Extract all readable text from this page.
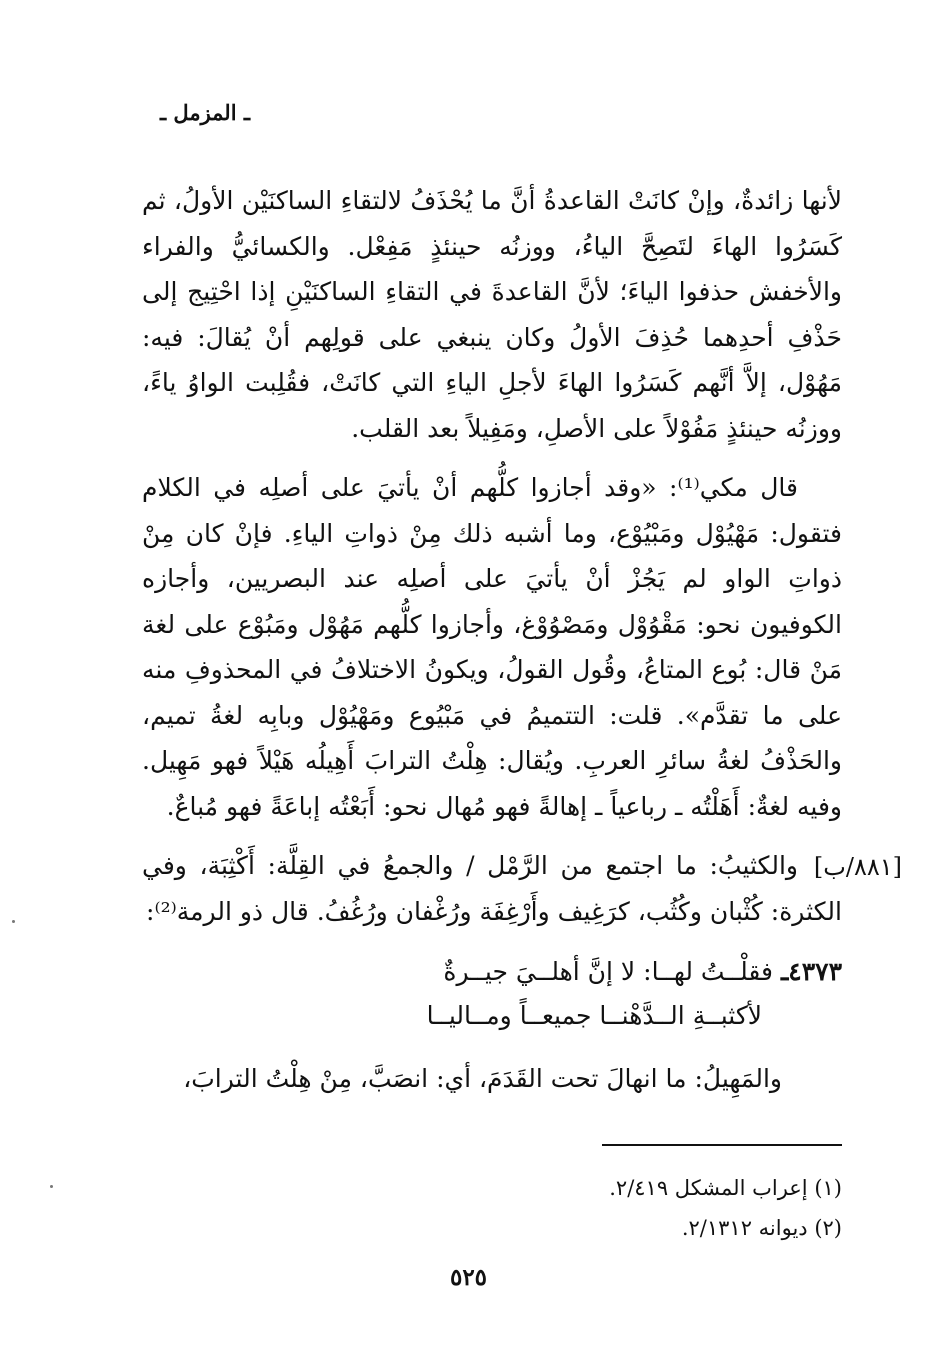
ـ المزمل ـ

لأنها زائدةٌ، وإنْ كانَتْ القاعدةُ أنَّ ما يُحْذَفُ لالتقاءِ الساكنَيْن الأولُ، ثم كَسَرُوا الهاءَ لتَصِحَّ الياءُ، ووزنُه حينئذٍ مَفِعْل. والكسائيُّ والفراء والأخفش حذفوا الياءَ؛ لأنَّ القاعدةَ في التقاءِ الساكنَيْنِ إذا احْتِيج إلى حَذْفِ أحدِهما حُذِفَ الأولُ وكان ينبغي على قولِهم أنْ يُقالَ: فيه: مَهُوْل، إلاَّ أنَّهم كَسَرُوا الهاءَ لأجلِ الياءِ التي كانَتْ، فقُلِبت الواوُ ياءً، ووزنُه حينئذٍ مَفُوْلاً على الأصلِ، ومَفِيلاً بعد القلب.

قال مكي⁽¹⁾: «وقد أجازوا كلُّهم أنْ يأتيَ على أصلِه في الكلام فتقول: مَهْيُوْل ومَبْيُوْع، وما أشبه ذلك مِنْ ذواتِ الياءِ. فإنْ كان مِنْ ذواتِ الواو لم يَجُزْ أنْ يأتيَ على أصلِه عند البصريين، وأجازه الكوفيون نحو: مَقْوُوْل ومَصْوُوْغ، وأجازوا كلُّهم مَهُوْل ومَبُوْع على لغة مَنْ قال: بُوع المتاعُ، وقُول القولُ، ويكونُ الاختلافُ في المحذوفِ منه على ما تقدَّم». قلت: التتميمُ في مَبْيُوع ومَهْيُوْل وبابِه لغةُ تميم، والحَذْفُ لغةُ سائرِ العربِ. ويُقال: هِلْتُ الترابَ أَهِيلُه هَيْلاً فهو مَهِيل. وفيه لغةٌ: أَهَلْتُه ـ رباعياً ـ إهالةً فهو مُهال نحو: أَبَعْتُه إباعَةً فهو مُباعٌ.

والكثيبُ: ما اجتمع من الرَّمْل / والجمعُ في القِلَّة: أَكْثِبَة، وفي الكثرة: كُثْبان وكُثُب، كرَغِيف وأَرْغِفَة ورُغْفان ورُغُفُ. قال ذو الرمة⁽²⁾:

[٨٨١/ب]
٤٣٧٣ـ فقلْــتُ لهــا: لا إنَّ أهلــيَ جيــرةٌ
لأكثبــةِ الــدَّهْنــا جميعــاً ومــاليــا
والمَهِيلُ: ما انهالَ تحت القَدَمَ، أي: انصَبَّ، مِنْ هِلْتُ الترابَ،

(١) إعراب المشكل ٢/٤١٩.

(٢) ديوانه ٢/١٣١٢.

٥٢٥
